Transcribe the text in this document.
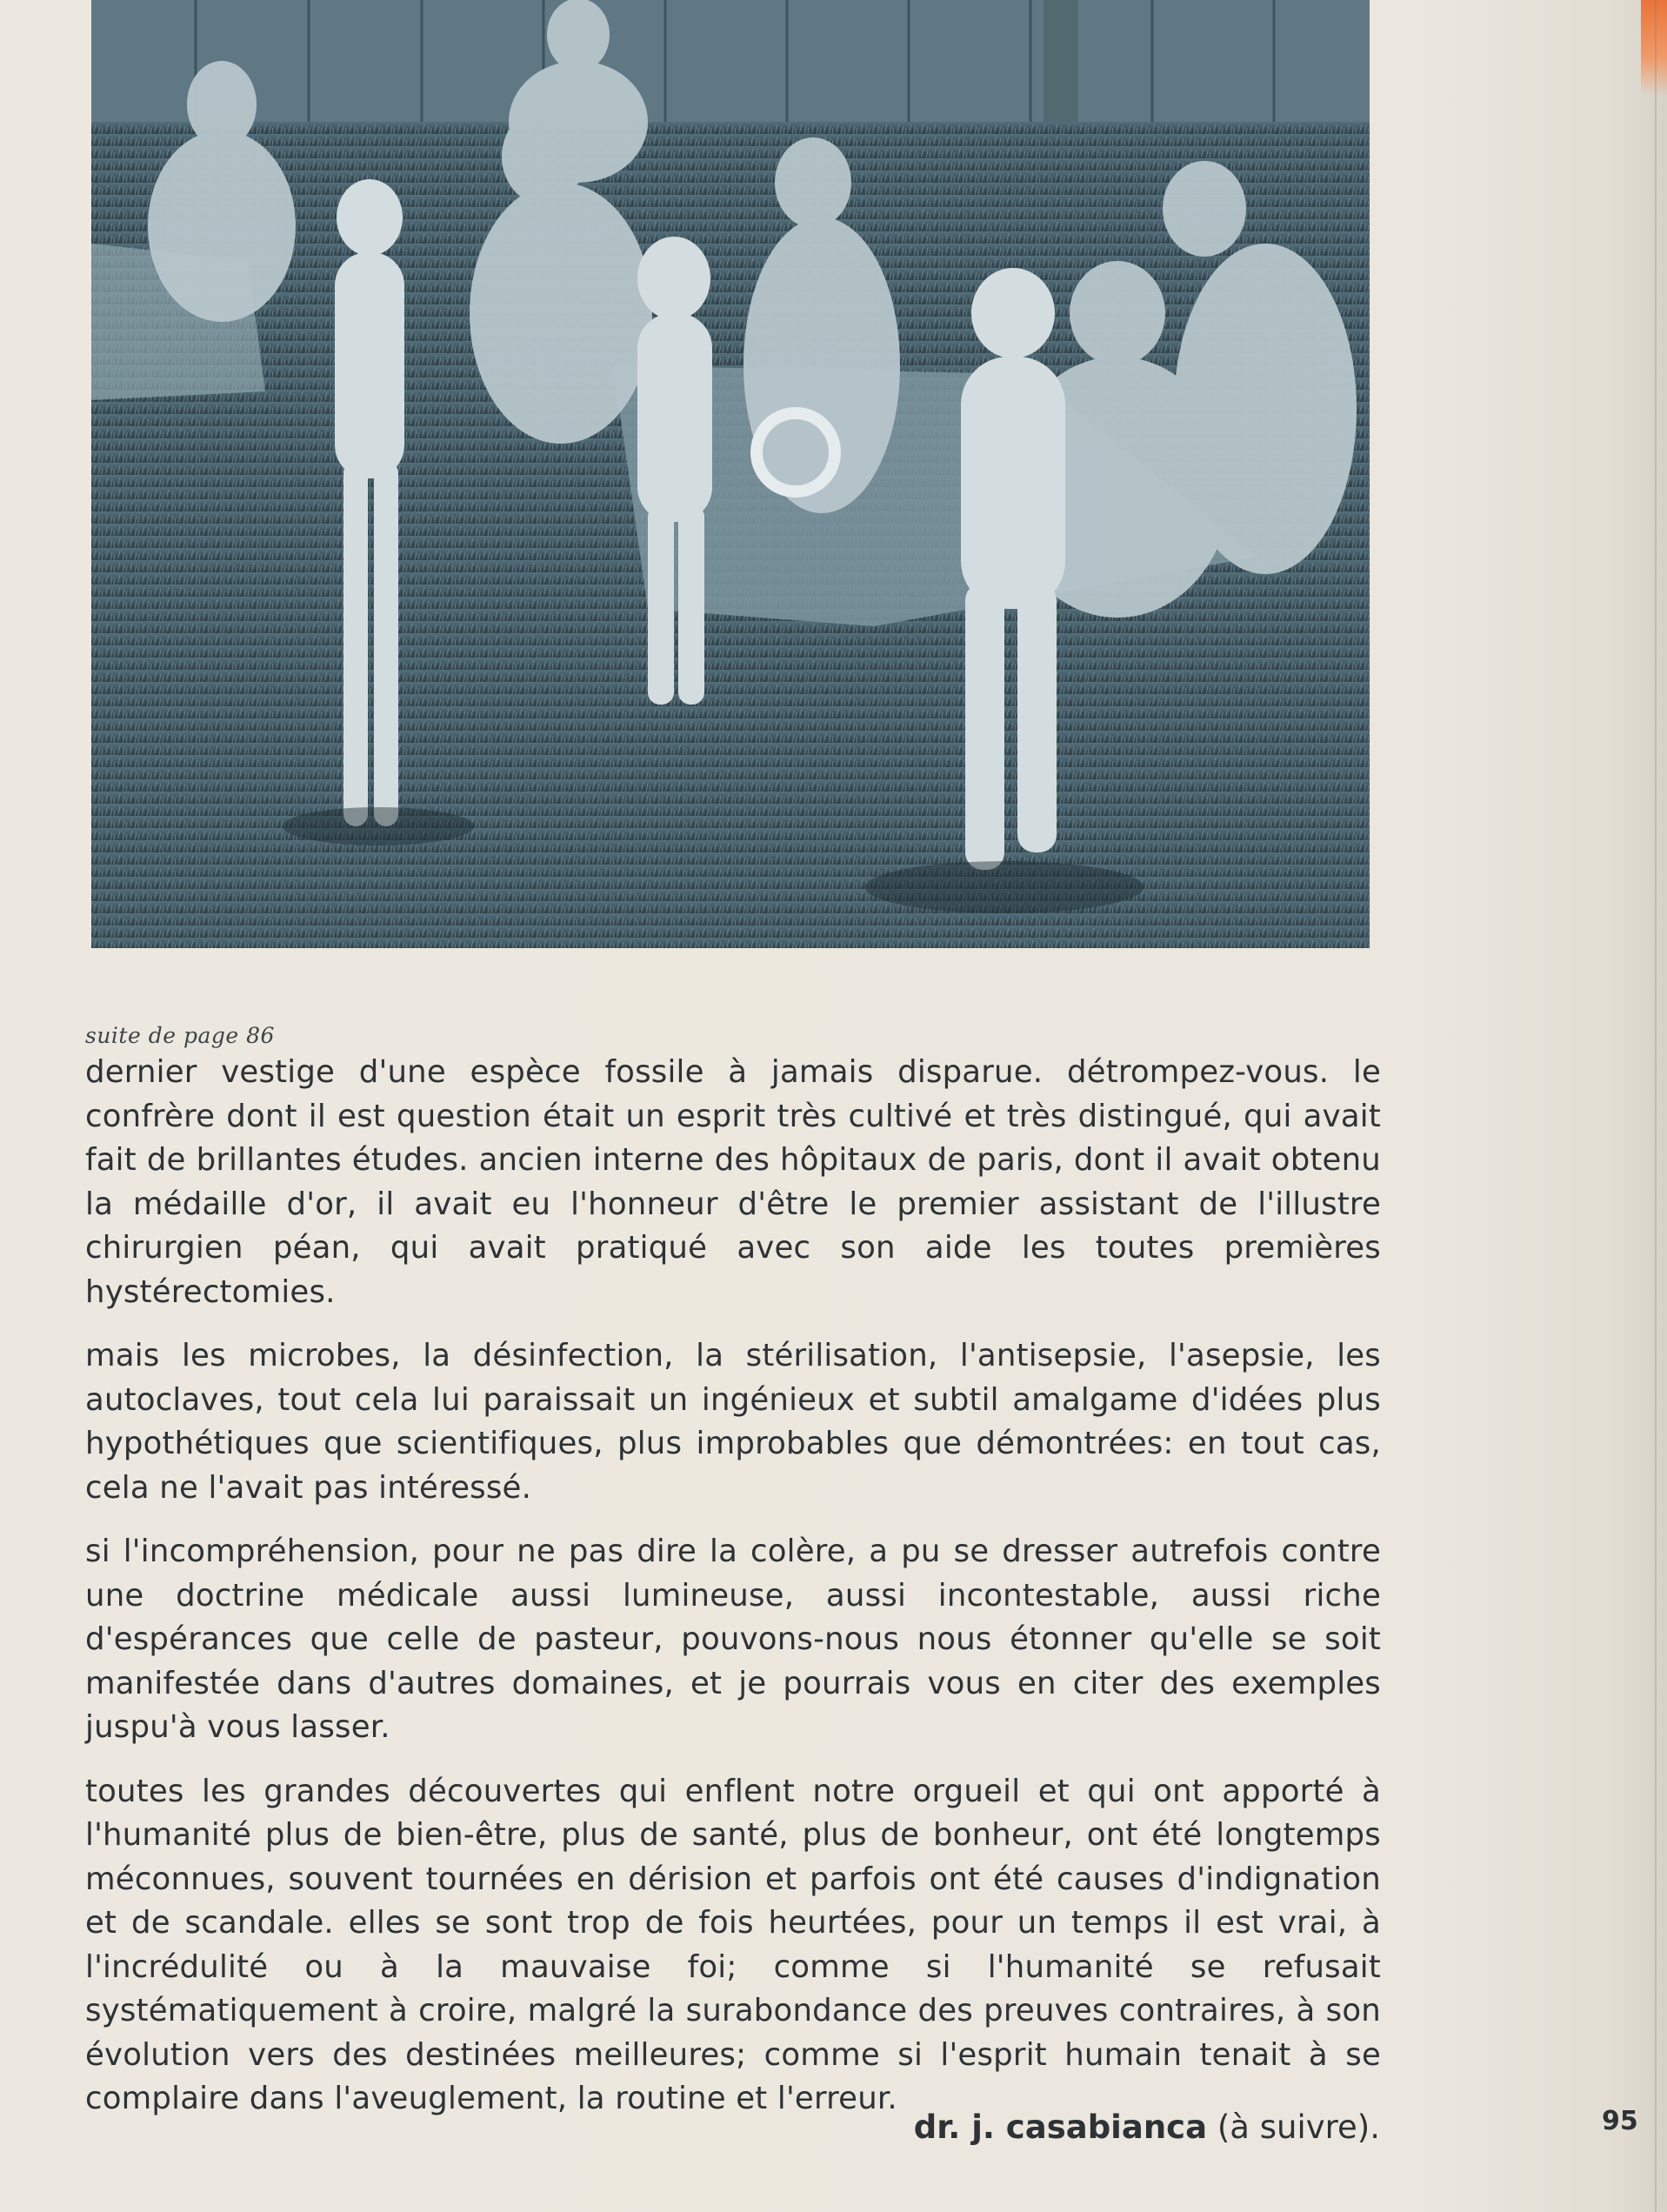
suite de page 86

dernier vestige d'une espèce fossile à jamais disparue. détrompez-vous. le confrère dont il est question était un esprit très cultivé et très distingué, qui avait fait de brillantes études. ancien interne des hôpitaux de paris, dont il avait obtenu la médaille d'or, il avait eu l'honneur d'être le premier assistant de l'illustre chirurgien péan, qui avait pratiqué avec son aide les toutes premières hystérectomies.

mais les microbes, la désinfection, la stérilisation, l'antisepsie, l'asepsie, les autoclaves, tout cela lui paraissait un ingénieux et subtil amalgame d'idées plus hypothétiques que scientifiques, plus improbables que démontrées: en tout cas, cela ne l'avait pas intéressé.

si l'incompréhension, pour ne pas dire la colère, a pu se dresser autrefois contre une doctrine médicale aussi lumineuse, aussi incontestable, aussi riche d'espérances que celle de pasteur, pouvons-nous nous étonner qu'elle se soit manifestée dans d'autres domaines, et je pourrais vous en citer des exemples juspu'à vous lasser.

toutes les grandes découvertes qui enflent notre orgueil et qui ont apporté à l'humanité plus de bien-être, plus de santé, plus de bonheur, ont été longtemps méconnues, souvent tournées en dérision et parfois ont été causes d'indignation et de scandale. elles se sont trop de fois heurtées, pour un temps il est vrai, à l'incrédulité ou à la mauvaise foi; comme si l'humanité se refusait systématiquement à croire, malgré la surabondance des preuves contraires, à son évolution vers des destinées meilleures; comme si l'esprit humain tenait à se complaire dans l'aveuglement, la routine et l'erreur.

dr. j. casabianca (à suivre).	95
